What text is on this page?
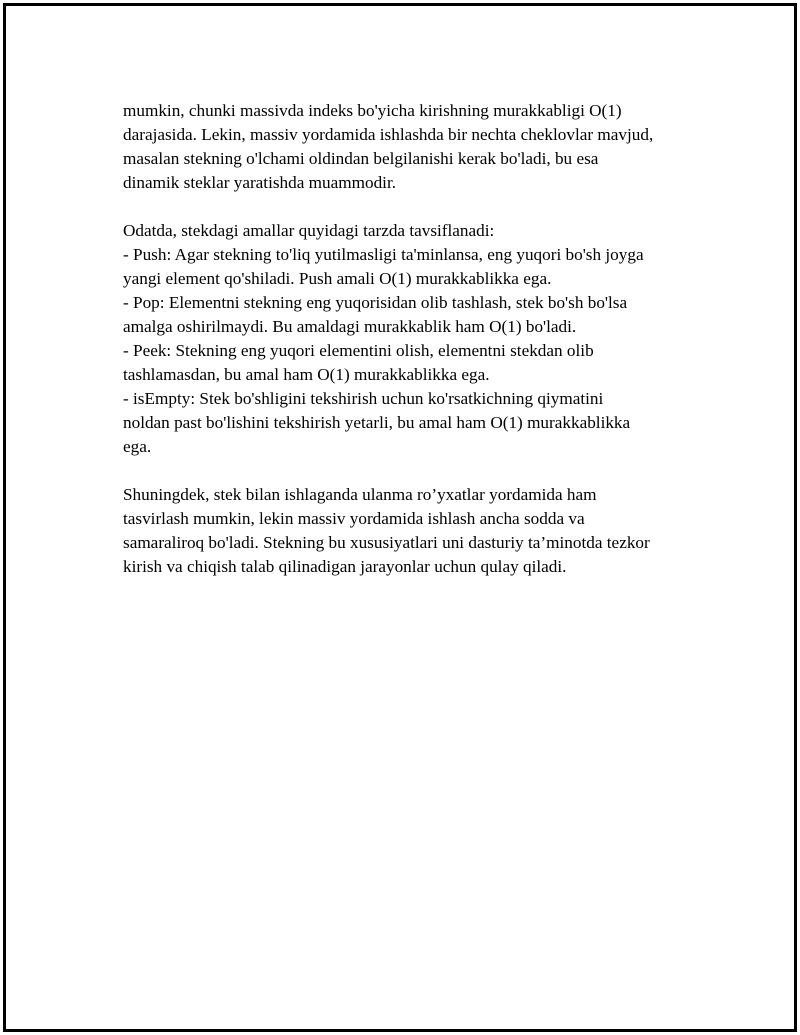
mumkin, chunki massivda indeks bo'yicha kirishning murakkabligi O(1)
darajasida. Lekin, massiv yordamida ishlashda bir nechta cheklovlar mavjud,
masalan stekning o'lchami oldindan belgilanishi kerak bo'ladi, bu esa
dinamik steklar yaratishda muammodir.
Odatda, stekdagi amallar quyidagi tarzda tavsiflanadi:
- Push: Agar stekning to'liq yutilmasligi ta'minlansa, eng yuqori bo'sh joyga
yangi element qo'shiladi. Push amali O(1) murakkablikka ega.
- Pop: Elementni stekning eng yuqorisidan olib tashlash, stek bo'sh bo'lsa
amalga oshirilmaydi. Bu amaldagi murakkablik ham O(1) bo'ladi.
- Peek: Stekning eng yuqori elementini olish, elementni stekdan olib
tashlamasdan, bu amal ham O(1) murakkablikka ega.
- isEmpty: Stek bo'shligini tekshirish uchun ko'rsatkichning qiymatini
noldan past bo'lishini tekshirish yetarli, bu amal ham O(1) murakkablikka
ega.
Shuningdek, stek bilan ishlaganda ulanma ro’yxatlar yordamida ham
tasvirlash mumkin, lekin massiv yordamida ishlash ancha sodda va
samaraliroq bo'ladi. Stekning bu xususiyatlari uni dasturiy ta’minotda tezkor
kirish va chiqish talab qilinadigan jarayonlar uchun qulay qiladi.
